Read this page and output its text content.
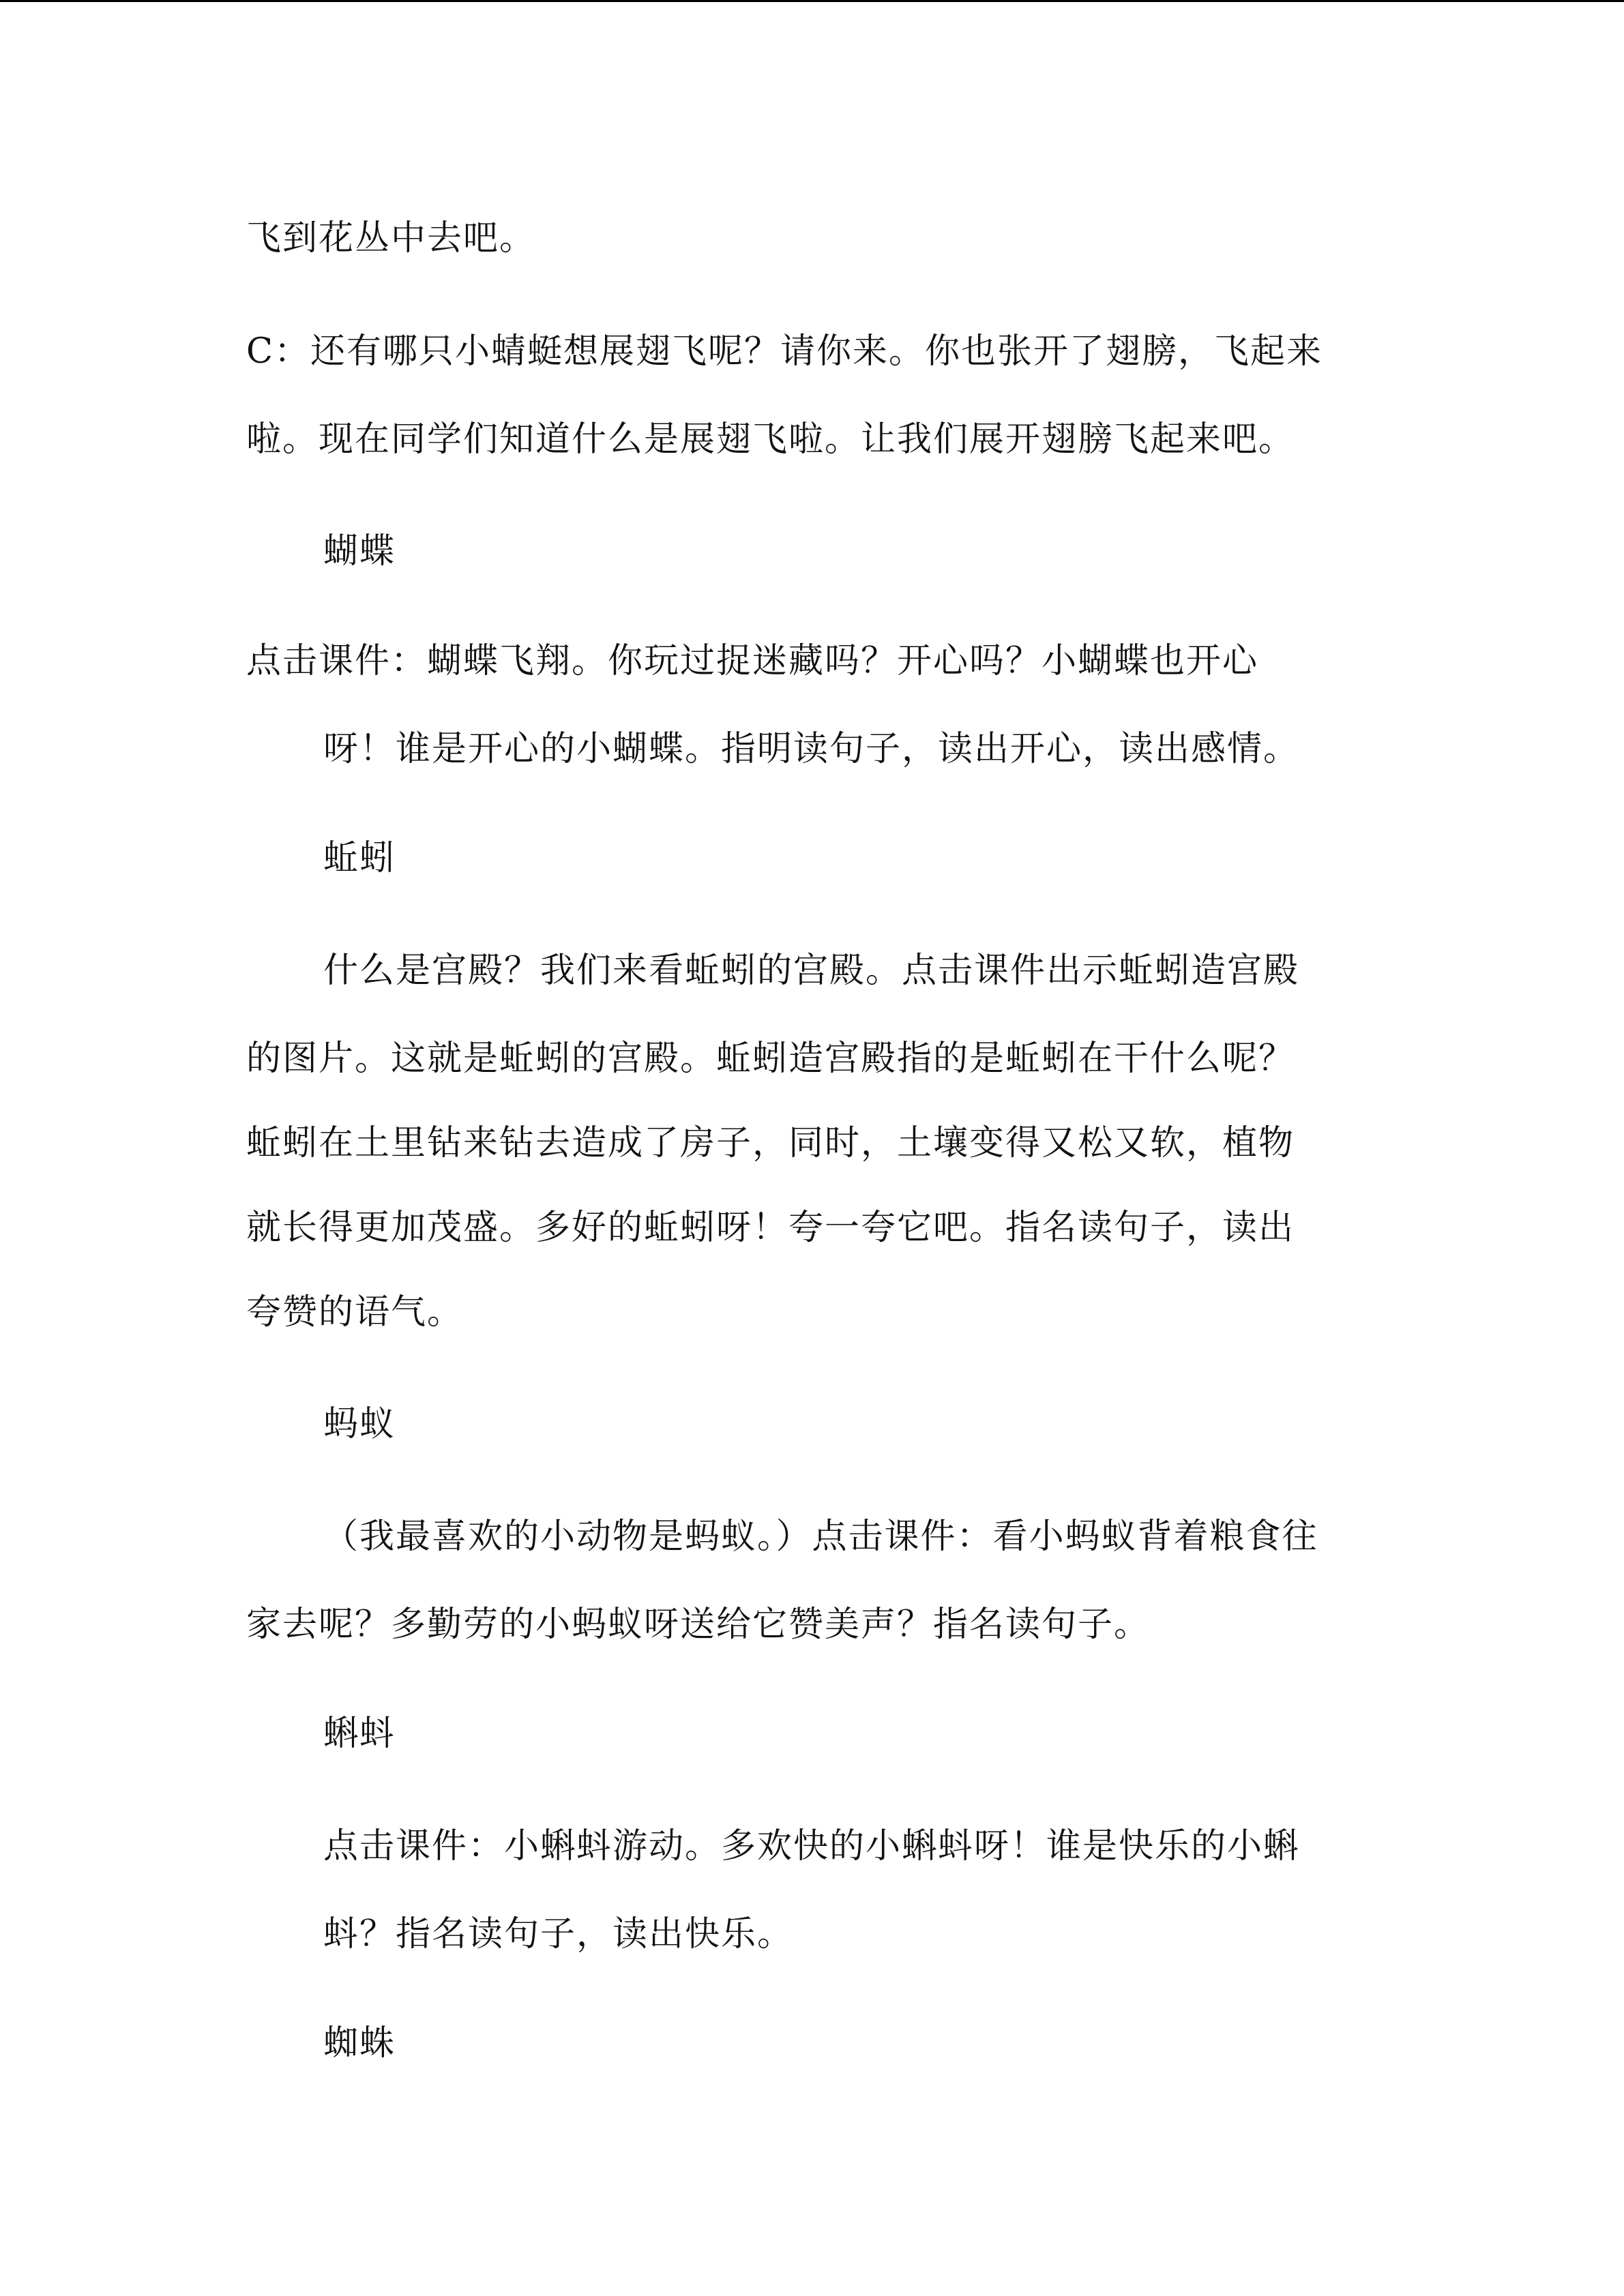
飞到花丛中去吧。
C：还有哪只小蜻蜓想展翅飞呢？请你来。你也张开了翅膀，飞起来
啦。现在同学们知道什么是展翅飞啦。让我们展开翅膀飞起来吧。
蝴蝶
点击课件：蝴蝶飞翔。你玩过捉迷藏吗？开心吗？小蝴蝶也开心
呀！谁是开心的小蝴蝶。指明读句子，读出开心，读出感情。
蚯蚓
什么是宫殿？我们来看蚯蚓的宫殿。点击课件出示蚯蚓造宫殿
的图片。这就是蚯蚓的宫殿。蚯蚓造宫殿指的是蚯蚓在干什么呢？
蚯蚓在土里钻来钻去造成了房子，同时，土壤变得又松又软，植物
就长得更加茂盛。多好的蚯蚓呀！夸一夸它吧。指名读句子，读出
夸赞的语气。
蚂蚁
（我最喜欢的小动物是蚂蚁。）点击课件：看小蚂蚁背着粮食往
家去呢？多勤劳的小蚂蚁呀送给它赞美声？指名读句子。
蝌蚪
点击课件：小蝌蚪游动。多欢快的小蝌蚪呀！谁是快乐的小蝌
蚪？指名读句子，读出快乐。
蜘蛛
